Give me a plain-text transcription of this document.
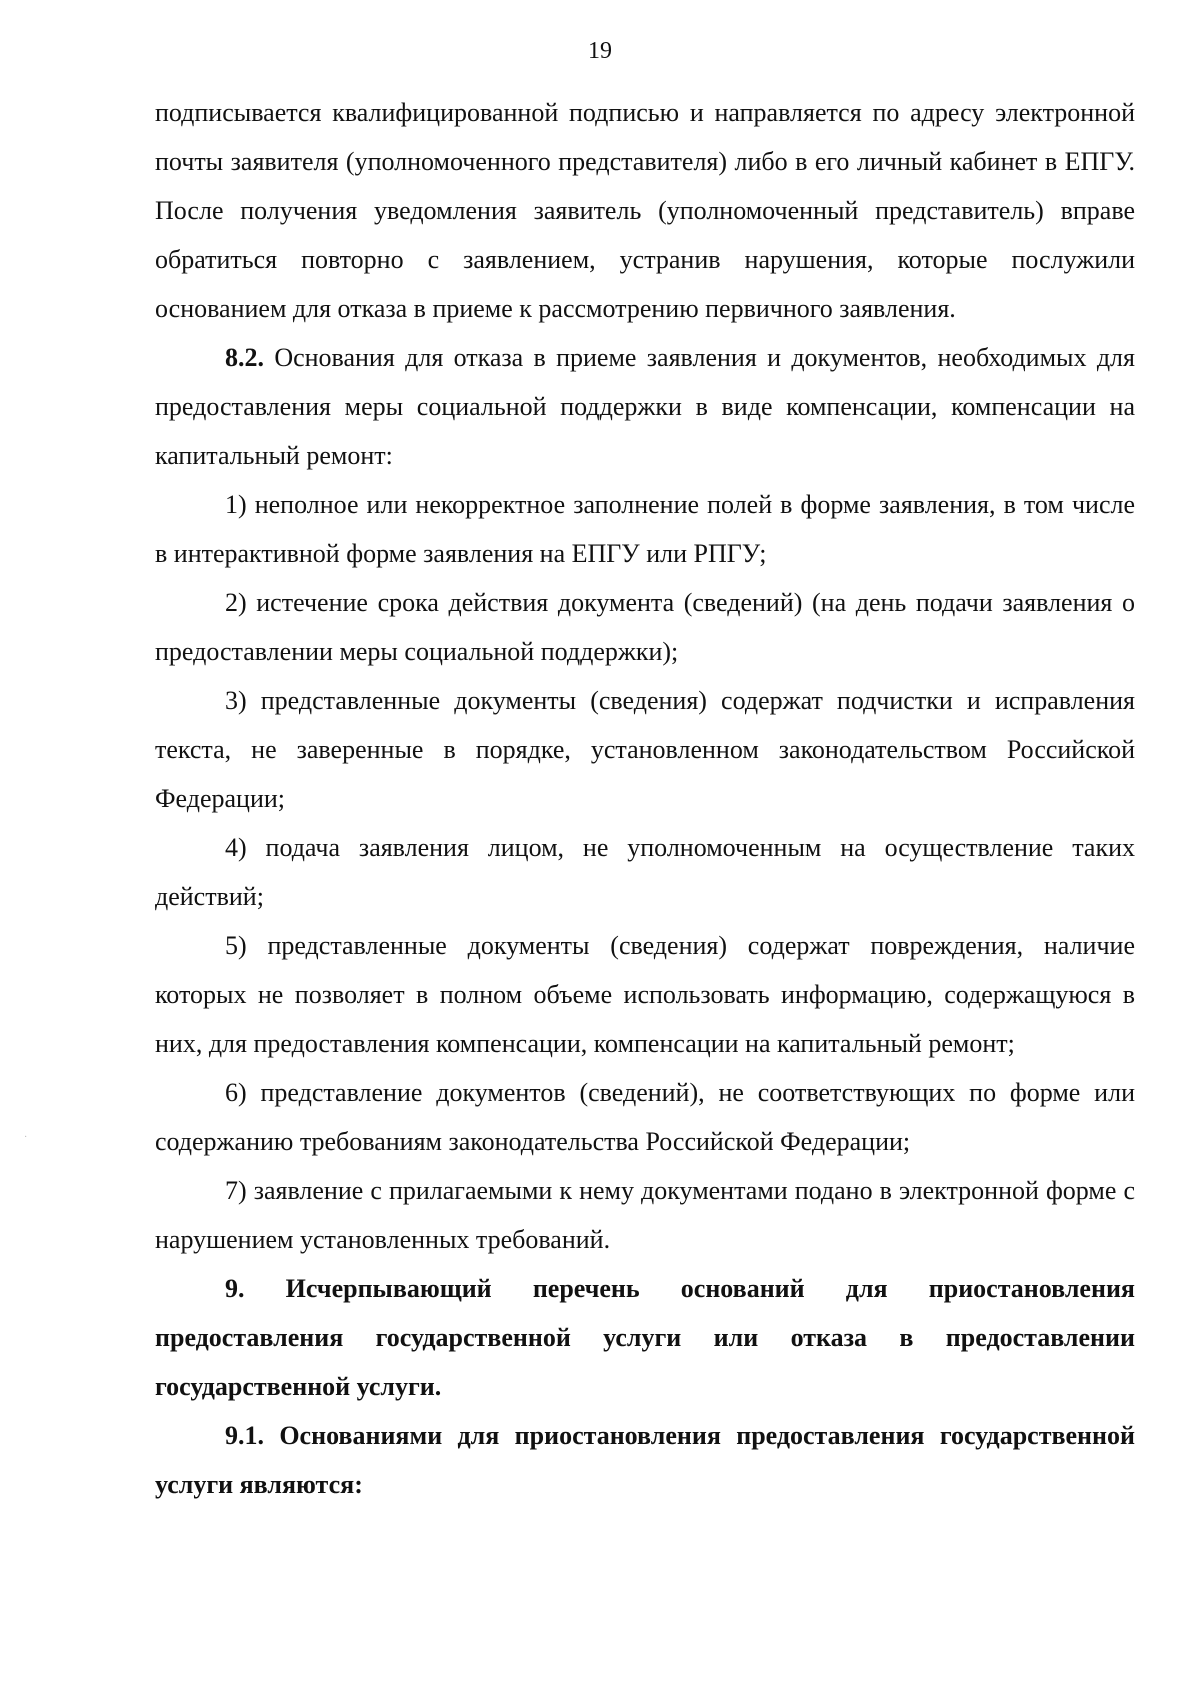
19

подписывается квалифицированной подписью и направляется по адресу электронной почты заявителя (уполномоченного представителя) либо в его личный кабинет в ЕПГУ. После получения уведомления заявитель (уполномоченный представитель) вправе обратиться повторно с заявлением, устранив нарушения, которые послужили основанием для отказа в приеме к рассмотрению первичного заявления.

8.2. Основания для отказа в приеме заявления и документов, необходимых для предоставления меры социальной поддержки в виде компенсации, компенсации на капитальный ремонт:

1) неполное или некорректное заполнение полей в форме заявления, в том числе в интерактивной форме заявления на ЕПГУ или РПГУ;

2) истечение срока действия документа (сведений) (на день подачи заявления о предоставлении меры социальной поддержки);

3) представленные документы (сведения) содержат подчистки и исправления текста, не заверенные в порядке, установленном законодательством Российской Федерации;

4) подача заявления лицом, не уполномоченным на осуществление таких действий;

5) представленные документы (сведения) содержат повреждения, наличие которых не позволяет в полном объеме использовать информацию, содержащуюся в них, для предоставления компенсации, компенсации на капитальный ремонт;

6) представление документов (сведений), не соответствующих по форме или содержанию требованиям законодательства Российской Федерации;

7) заявление с прилагаемыми к нему документами подано в электронной форме с нарушением установленных требований.

9. Исчерпывающий перечень оснований для приостановления предоставления государственной услуги или отказа в предоставлении государственной услуги.

9.1. Основаниями для приостановления предоставления государственной услуги являются:

·
